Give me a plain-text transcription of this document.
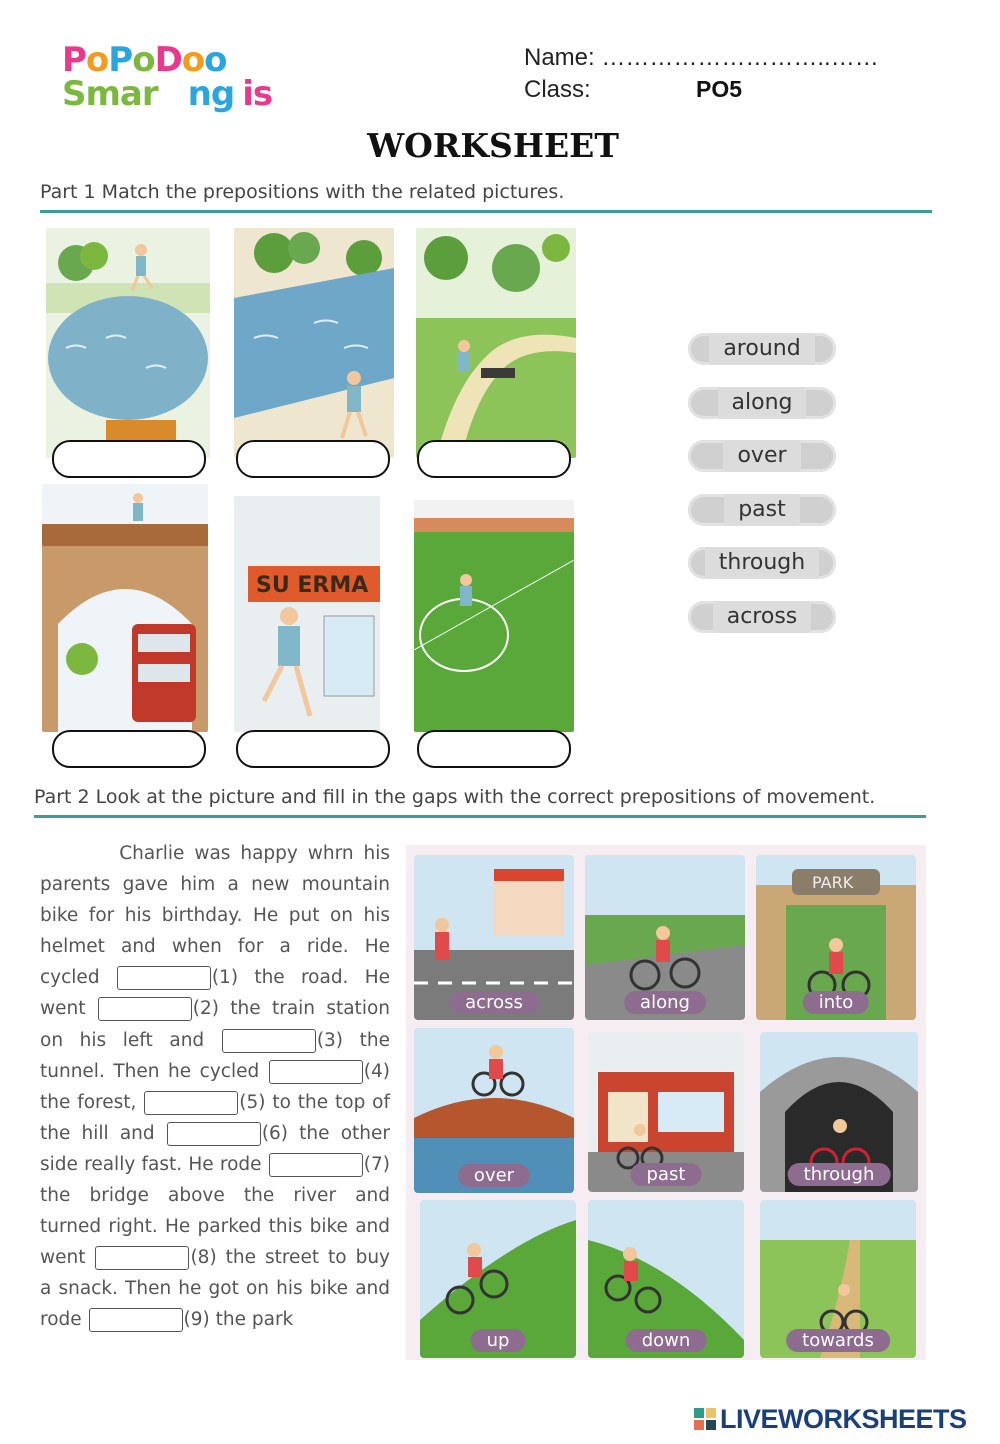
PoPoDoo
Smar ng is
Name: ………………………..……
Class:	PO5
WORKSHEET
Part 1 Match the prepositions with the related pictures.
SU ERMA
around
along
over
past
through
across
Part 2 Look at the picture and fill in the gaps with the correct prepositions of movement.
Charlie was happy whrn his parents gave him a new mountain bike for his birthday. He put on his helmet and when for a ride. He cycled	(1) the road. He went	(2) the train station on his left and	(3) the tunnel. Then he cycled	(4) the forest,	(5) to the top of the hill and	(6) the other side really fast. He rode	(7) the bridge above the river and turned right. He parked this bike and went	(8) the street to buy a snack. Then he got on his bike and rode	(9) the park
across	along
PARK
into
over	past	through
up	down	towards
LIVEWORKSHEETS
